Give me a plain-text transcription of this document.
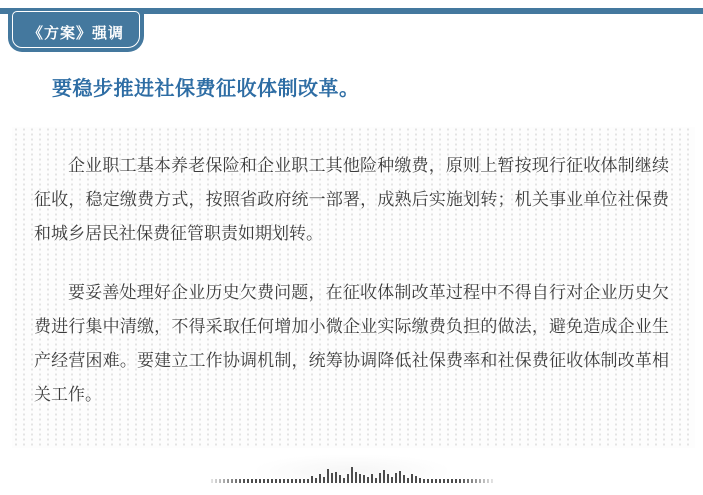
《方案》强调
要稳步推进社保费征收体制改革。

企业职工基本养老保险和企业职工其他险种缴费，原则上暂按现行征收体制继续征收，稳定缴费方式，按照省政府统一部署，成熟后实施划转；机关事业单位社保费和城乡居民社保费征管职责如期划转。

要妥善处理好企业历史欠费问题，在征收体制改革过程中不得自行对企业历史欠费进行集中清缴，不得采取任何增加小微企业实际缴费负担的做法，避免造成企业生产经营困难。要建立工作协调机制，统筹协调降低社保费率和社保费征收体制改革相关工作。
